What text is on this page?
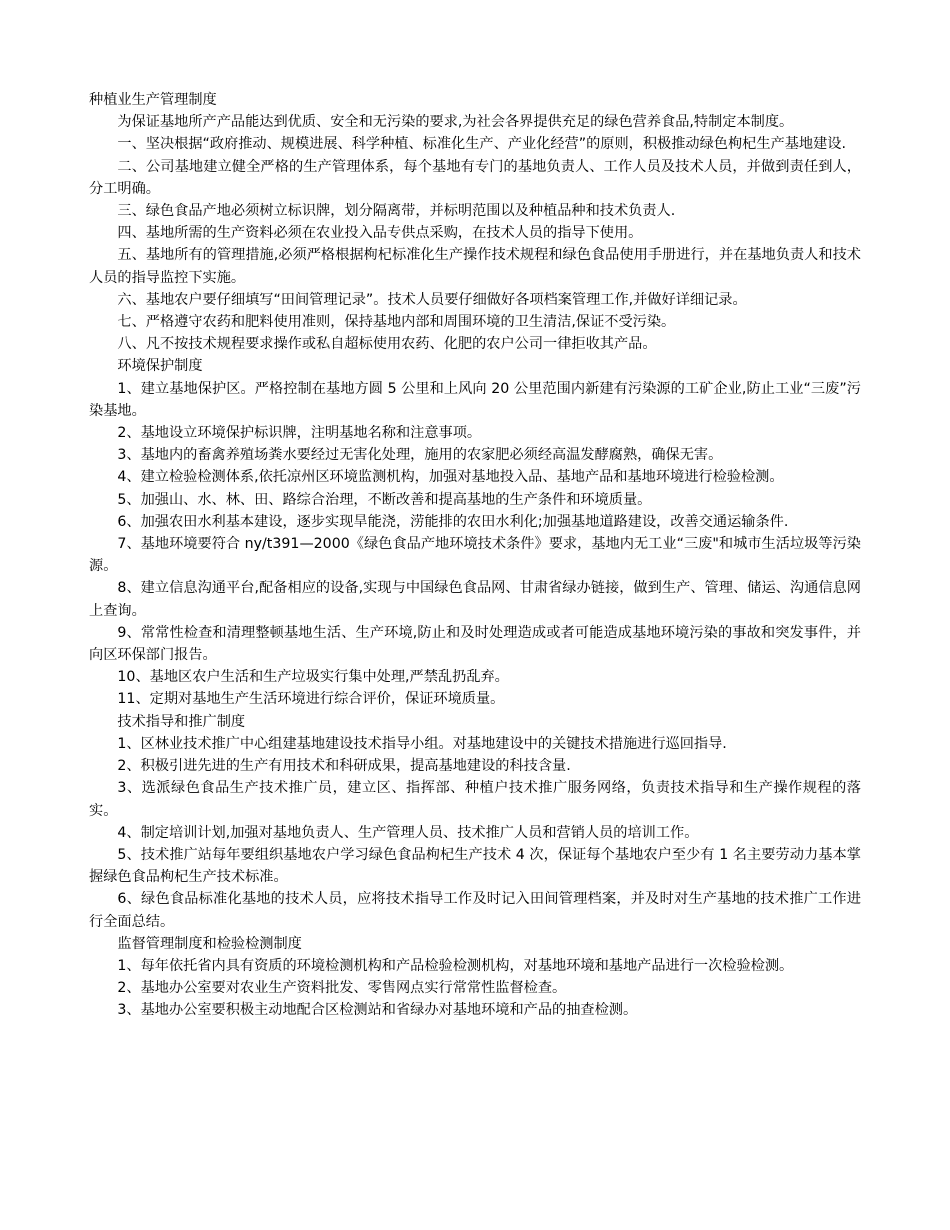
种植业生产管理制度

为保证基地所产产品能达到优质、安全和无污染的要求,为社会各界提供充足的绿色营养食品,特制定本制度。

一、坚决根据“政府推动、规模进展、科学种植、标准化生产、产业化经营”的原则，积极推动绿色枸杞生产基地建设.

二、公司基地建立健全严格的生产管理体系，每个基地有专门的基地负责人、工作人员及技术人员，并做到责任到人，分工明确。

三、绿色食品产地必须树立标识牌，划分隔离带，并标明范围以及种植品种和技术负责人.

四、基地所需的生产资料必须在农业投入品专供点采购，在技术人员的指导下使用。

五、基地所有的管理措施,必须严格根据枸杞标准化生产操作技术规程和绿色食品使用手册进行，并在基地负责人和技术人员的指导监控下实施。

六、基地农户要仔细填写“田间管理记录”。技术人员要仔细做好各项档案管理工作,并做好详细记录。

七、严格遵守农药和肥料使用准则，保持基地内部和周围环境的卫生清洁,保证不受污染。

八、凡不按技术规程要求操作或私自超标使用农药、化肥的农户公司一律拒收其产品。

环境保护制度

1、建立基地保护区。严格控制在基地方圆 5 公里和上风向 20 公里范围内新建有污染源的工矿企业,防止工业“三废”污染基地。

2、基地设立环境保护标识牌，注明基地名称和注意事项。

3、基地内的畜禽养殖场粪水要经过无害化处理，施用的农家肥必须经高温发酵腐熟，确保无害。

4、建立检验检测体系,依托凉州区环境监测机构，加强对基地投入品、基地产品和基地环境进行检验检测。

5、加强山、水、林、田、路综合治理，不断改善和提高基地的生产条件和环境质量。

6、加强农田水利基本建设，逐步实现旱能浇，涝能排的农田水利化;加强基地道路建设，改善交通运输条件.

7、基地环境要符合 ny/t391—2000《绿色食品产地环境技术条件》要求，基地内无工业“三废"和城市生活垃圾等污染源。

8、建立信息沟通平台,配备相应的设备,实现与中国绿色食品网、甘肃省绿办链接，做到生产、管理、储运、沟通信息网上查询。

9、常常性检查和清理整顿基地生活、生产环境,防止和及时处理造成或者可能造成基地环境污染的事故和突发事件，并向区环保部门报告。

10、基地区农户生活和生产垃圾实行集中处理,严禁乱扔乱弃。

11、定期对基地生产生活环境进行综合评价，保证环境质量。

技术指导和推广制度

1、区林业技术推广中心组建基地建设技术指导小组。对基地建设中的关键技术措施进行巡回指导.

2、积极引进先进的生产有用技术和科研成果，提高基地建设的科技含量.

3、选派绿色食品生产技术推广员，建立区、指挥部、种植户技术推广服务网络，负责技术指导和生产操作规程的落实。

4、制定培训计划,加强对基地负责人、生产管理人员、技术推广人员和营销人员的培训工作。

5、技术推广站每年要组织基地农户学习绿色食品枸杞生产技术 4 次，保证每个基地农户至少有 1 名主要劳动力基本掌握绿色食品枸杞生产技术标准。

6、绿色食品标准化基地的技术人员，应将技术指导工作及时记入田间管理档案，并及时对生产基地的技术推广工作进行全面总结。

监督管理制度和检验检测制度

1、每年依托省内具有资质的环境检测机构和产品检验检测机构，对基地环境和基地产品进行一次检验检测。

2、基地办公室要对农业生产资料批发、零售网点实行常常性监督检查。

3、基地办公室要积极主动地配合区检测站和省绿办对基地环境和产品的抽查检测。
